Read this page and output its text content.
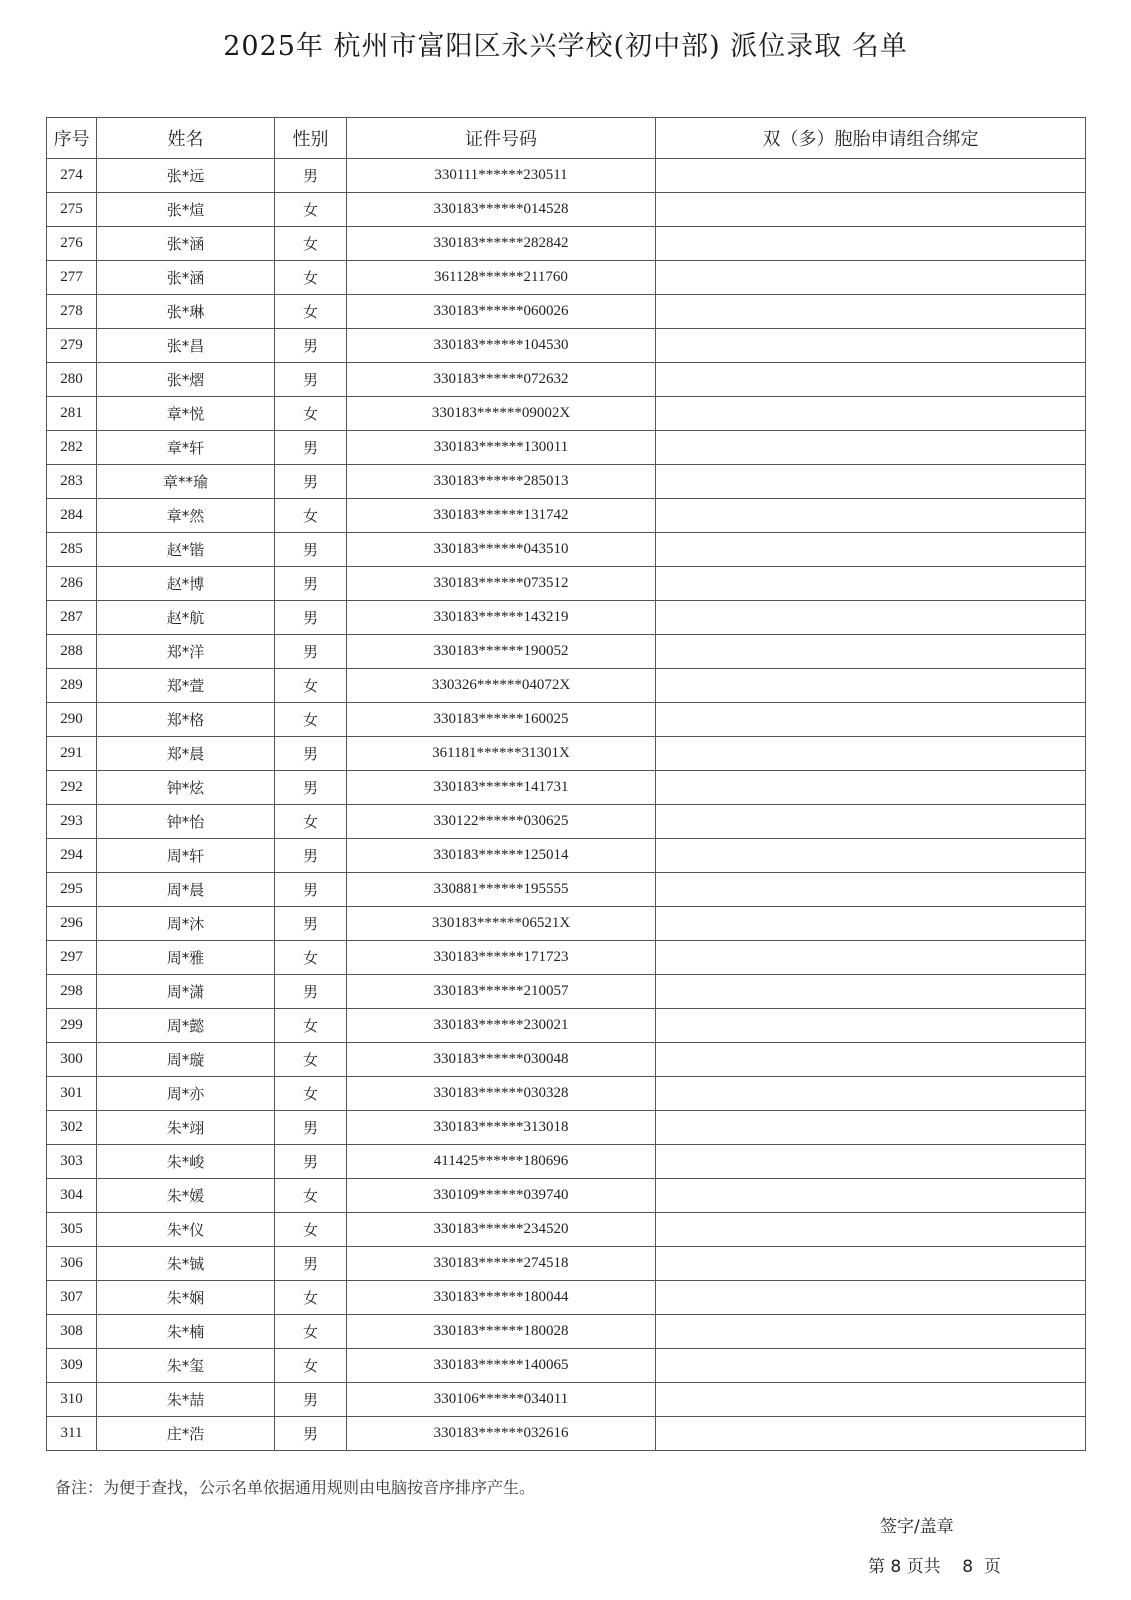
2025年 杭州市富阳区永兴学校(初中部) 派位录取 名单
序号	姓名	性别	证件号码	双（多）胞胎申请组合绑定
274	张*远	男	330111******230511	
275	张*煊	女	330183******014528	
276	张*涵	女	330183******282842	
277	张*涵	女	361128******211760	
278	张*琳	女	330183******060026	
279	张*昌	男	330183******104530	
280	张*熠	男	330183******072632	
281	章*悦	女	330183******09002X	
282	章*轩	男	330183******130011	
283	章**瑜	男	330183******285013	
284	章*然	女	330183******131742	
285	赵*锴	男	330183******043510	
286	赵*博	男	330183******073512	
287	赵*航	男	330183******143219	
288	郑*洋	男	330183******190052	
289	郑*萱	女	330326******04072X	
290	郑*格	女	330183******160025	
291	郑*晨	男	361181******31301X	
292	钟*炫	男	330183******141731	
293	钟*怡	女	330122******030625	
294	周*轩	男	330183******125014	
295	周*晨	男	330881******195555	
296	周*沐	男	330183******06521X	
297	周*雅	女	330183******171723	
298	周*潇	男	330183******210057	
299	周*懿	女	330183******230021	
300	周*璇	女	330183******030048	
301	周*亦	女	330183******030328	
302	朱*翊	男	330183******313018	
303	朱*峻	男	411425******180696	
304	朱*媛	女	330109******039740	
305	朱*仪	女	330183******234520	
306	朱*铖	男	330183******274518	
307	朱*娴	女	330183******180044	
308	朱*楠	女	330183******180028	
309	朱*玺	女	330183******140065	
310	朱*喆	男	330106******034011	
311	庄*浩	男	330183******032616	
备注：为便于查找，公示名单依据通用规则由电脑按音序排序产生。
签字/盖章
第 8 页共 8 页
